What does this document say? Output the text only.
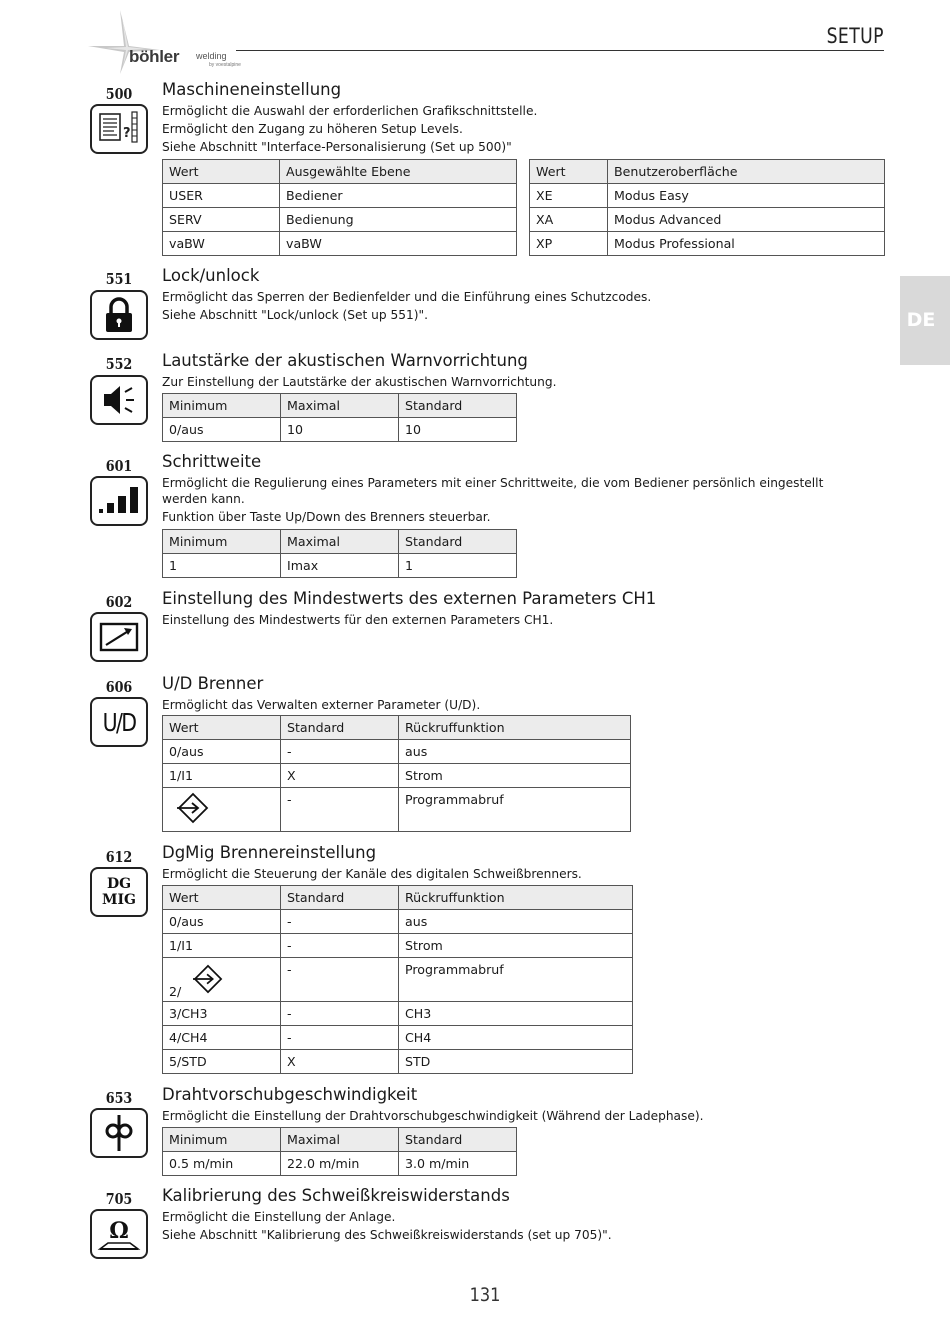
böhler welding
by voestalpine
SETUP
DE
500
?
Maschineneinstellung

Ermöglicht die Auswahl der erforderlichen Grafikschnittstelle.

Ermöglicht den Zugang zu höheren Setup Levels.

Siehe Abschnitt "Interface-Personalisierung (Set up 500)"

Wert	Ausgewählte Ebene
USER	Bediener
SERV	Bedienung
vaBW	vaBW
Wert	Benutzeroberfläche
XE	Modus Easy
XA	Modus Advanced
XP	Modus Professional
551	Lock/unlock

Ermöglicht das Sperren der Bedienfelder und die Einführung eines Schutzcodes.

Siehe Abschnitt "Lock/unlock (Set up 551)".

552	Lautstärke der akustischen Warnvorrichtung

Zur Einstellung der Lautstärke der akustischen Warnvorrichtung.

Minimum	Maximal	Standard
0/aus	10	10
601	Schrittweite

Ermöglicht die Regulierung eines Parameters mit einer Schrittweite, die vom Bediener persönlich eingestellt

werden kann.

Funktion über Taste Up/Down des Brenners steuerbar.

Minimum	Maximal	Standard
1	Imax	1
602	Einstellung des Mindestwerts des externen Parameters CH1

Einstellung des Mindestwerts für den externen Parameters CH1.

606
U/D
U/D Brenner

Ermöglicht das Verwalten externer Parameter (U/D).

Wert	Standard	Rückruffunktion
0/aus	-	aus
1/I1	X	Strom
	-	Programmabruf
612
DG
MIG
DgMig Brennereinstellung

Ermöglicht die Steuerung der Kanäle des digitalen Schweißbrenners.

Wert	Standard	Rückruffunktion
0/aus	-	aus
1/I1	-	Strom
2/	-	Programmabruf
3/CH3	-	CH3
4/CH4	-	CH4
5/STD	X	STD
653	Drahtvorschubgeschwindigkeit

Ermöglicht die Einstellung der Drahtvorschubgeschwindigkeit (Während der Ladephase).

Minimum	Maximal	Standard
0.5 m/min	22.0 m/min	3.0 m/min
705
Ω
Kalibrierung des Schweißkreiswiderstands

Ermöglicht die Einstellung der Anlage.

Siehe Abschnitt "Kalibrierung des Schweißkreiswiderstands (set up 705)".

131
